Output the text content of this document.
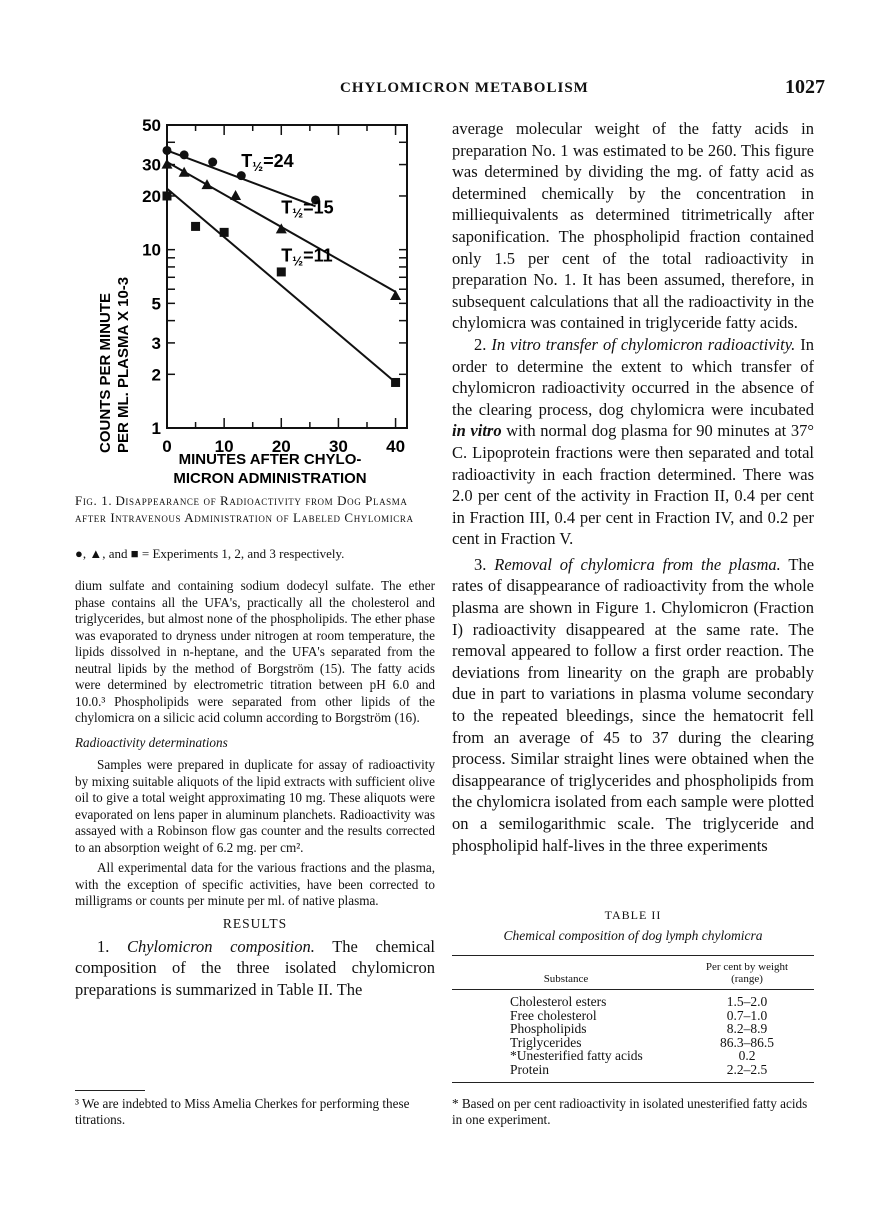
CHYLOMICRON METABOLISM	1027
0	10 20 30 40
1
2
3
5
10
20
30
50
$T_{\frac{1}{2}}=24$
$T_{\frac{1}{2}}=15$
$T_{\frac{1}{2}}=11$
COUNTS PER MINUTE PER ML. PLASMA X 10-3
MINUTES AFTER CHYLO-
MICRON ADMINISTRATION
Fig. 1. Disappearance of Radioactivity from Dog Plasma after Intravenous Administration of Labeled Chylomicra
●, ▲, and ■ = Experiments 1, 2, and 3 respectively.

dium sulfate and containing sodium dodecyl sulfate. The ether phase contains all the UFA's, practically all the cholesterol and triglycerides, but almost none of the phospholipids. The ether phase was evaporated to dryness under nitrogen at room temperature, the lipids dissolved in n-heptane, and the UFA's separated from the neutral lipids by the method of Borgström (15). The fatty acids were determined by electrometric titration between pH 6.0 and 10.0.³ Phospholipids were separated from other lipids of the chylomicra on a silicic acid column according to Borgström (16).

Radioactivity determinations

Samples were prepared in duplicate for assay of radioactivity by mixing suitable aliquots of the lipid extracts with sufficient olive oil to give a total weight approximating 10 mg. These aliquots were evaporated on lens paper in aluminum planchets. Radioactivity was assayed with a Robinson flow gas counter and the results corrected to an absorption weight of 6.2 mg. per cm².

All experimental data for the various fractions and the plasma, with the exception of specific activities, have been corrected to milligrams or counts per minute per ml. of native plasma.

RESULTS

1. Chylomicron composition. The chemical composition of the three isolated chylomicron preparations is summarized in Table II. The

³ We are indebted to Miss Amelia Cherkes for performing these titrations.

average molecular weight of the fatty acids in preparation No. 1 was estimated to be 260. This figure was determined by dividing the mg. of fatty acid as determined chemically by the concentration in milliequivalents as determined titrimetrically after saponification. The phospholipid fraction contained only 1.5 per cent of the total radioactivity in preparation No. 1. It has been assumed, therefore, in subsequent calculations that all the radioactivity in the chylomicra was contained in triglyceride fatty acids.

2. In vitro transfer of chylomicron radioactivity. In order to determine the extent to which transfer of chylomicron radioactivity occurred in the absence of the clearing process, dog chylomicra were incubated in vitro with normal dog plasma for 90 minutes at 37° C. Lipoprotein fractions were then separated and total radioactivity in each fraction determined. There was 2.0 per cent of the activity in Fraction II, 0.4 per cent in Fraction III, 0.4 per cent in Fraction IV, and 0.2 per cent in Fraction V.

3. Removal of chylomicra from the plasma. The rates of disappearance of radioactivity from the whole plasma are shown in Figure 1. Chylomicron (Fraction I) radioactivity disappeared at the same rate. The removal appeared to follow a first order reaction. The deviations from linearity on the graph are probably due in part to variations in plasma volume secondary to the repeated bleedings, since the hematocrit fell from an average of 45 to 37 during the clearing process. Similar straight lines were obtained when the disappearance of triglycerides and phospholipids from the chylomicra isolated from each sample were plotted on a semilogarithmic scale. The triglyceride and phospholipid half-lives in the three experiments

TABLE II
Chemical composition of dog lymph chylomicra
Substance	Per cent by weight
(range)
Cholesterol esters	1.5–2.0
Free cholesterol	0.7–1.0
Phospholipids	8.2–8.9
Triglycerides	86.3–86.5
*Unesterified fatty acids	0.2
Protein	2.2–2.5
* Based on per cent radioactivity in isolated unesterified fatty acids in one experiment.
